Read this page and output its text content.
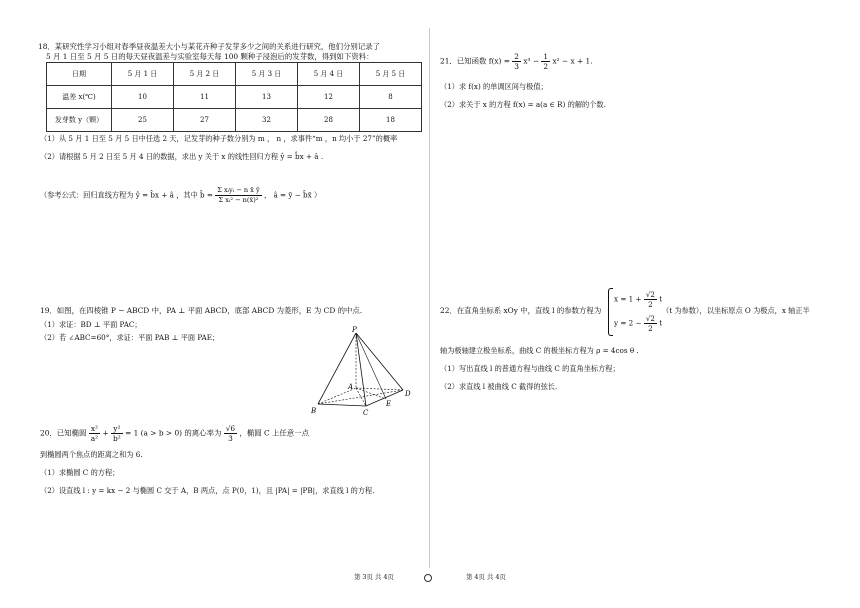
18．某研究性学习小组对春季昼夜温差大小与某花卉种子发芽多少之间的关系进行研究，他们分别记录了
5 月 1 日至 5 月 5 日的每天昼夜温差与实验室每天每 100 颗种子浸泡后的发芽数，得到如下资料：
日期	5 月 1 日	5 月 2 日	5 月 3 日	5 月 4 日	5 月 5 日
温差 x(℃)	10	11	13	12	8
发芽数 y（颗）	25	27	32	28	18
（1）从 5 月 1 日至 5 月 5 日中任选 2 天，记发芽的种子数分别为 m ， n ，求事件“m ，n 均小于 27”的概率
（2）请根据 5 月 2 日至 5 月 4 日的数据，求出 y 关于 x 的线性回归方程 ŷ = b̂x + â .
（参考公式：回归直线方程为 ŷ = b̂x + â ，其中 b̂ = $\frac{\text{Σ xᵢyᵢ − n x̄ ȳ}}{\text{Σ xᵢ² − n(x̄)²}}$ ， â = ȳ − b̂x̄ ）
19．如图，在四棱锥 P − ABCD 中，PA ⊥ 平面 ABCD，底部 ABCD 为菱形，E 为 CD 的中点.
（1）求证：BD ⊥ 平面 PAC；
（2）若 ∠ABC=60°，求证：平面 PAB ⊥ 平面 PAE；
P
A
B	C
D
E
20．已知椭圆 $\frac{\text{x²}}{\text{a²}} + \frac{\text{y²}}{\text{b²}} = 1$ (a > b > 0) 的离心率为 $\frac{√6}{3}$ ，椭圆 C 上任意一点
到椭圆两个焦点的距离之和为 6.
（1）求椭圆 C 的方程；
（2）设直线 l : y = kx − 2 与椭圆 C 交于 A，B 两点，点 P(0，1)，且 |PA| = |PB|，求直线 l 的方程.
第 3页 共 4页
21．已知函数 $f(x) = \frac{2}{3} x^3 - \frac{1}{2} x^2 - x + 1$.
（1）求 f(x) 的单调区间与极值；
（2）求关于 x 的方程 f(x) = a(a ∈ R) 的解的个数.
22．在直角坐标系 xOy 中，直线 l 的参数方程为
$x = 1 + \frac{√2}{2}$ t
$y = 2 - \frac{√2}{2}$ t
（t 为参数），以坐标原点 O 为极点，x 轴正半
轴为极轴建立极坐标系，曲线 C 的极坐标方程为 ρ = 4cos θ .
（1）写出直线 l 的普通方程与曲线 C 的直角坐标方程；
（2）求直线 l 被曲线 C 截得的弦长.
第 4页 共 4页
